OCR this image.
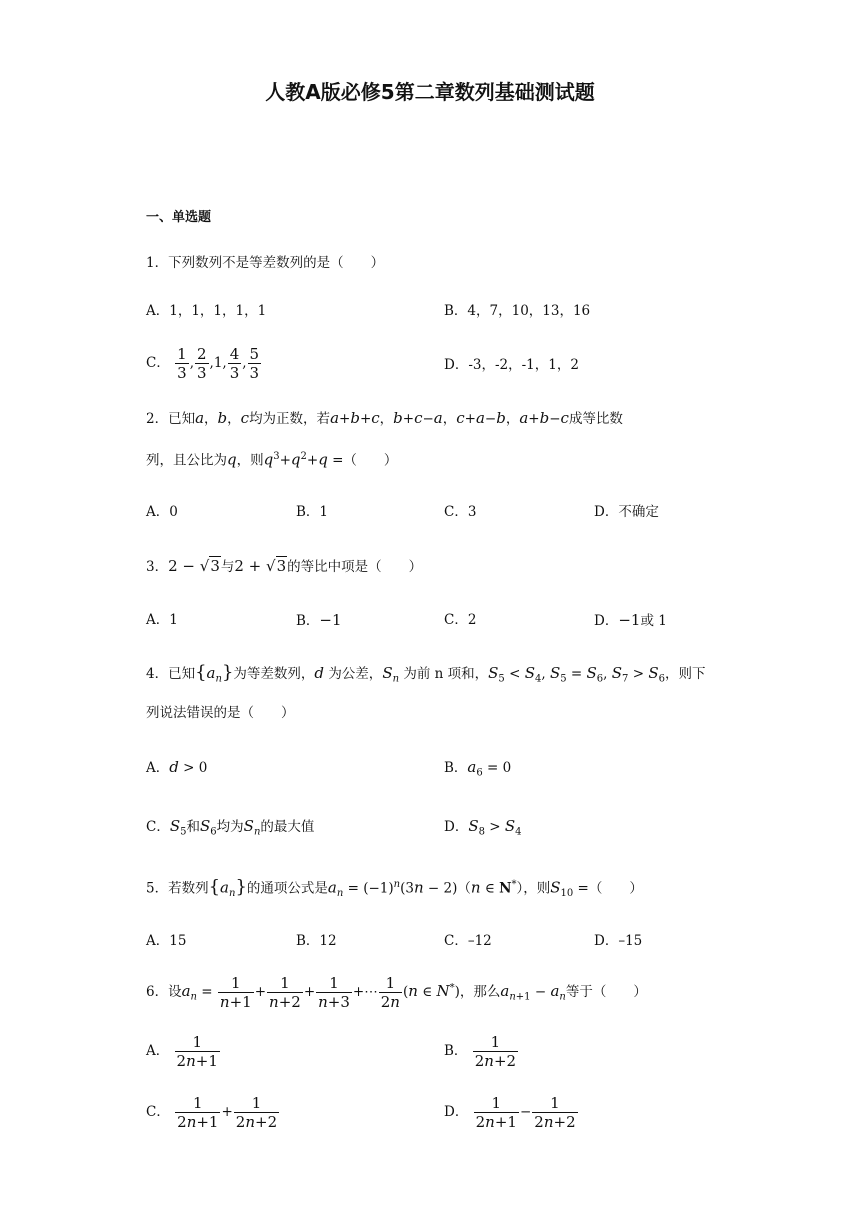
人教A版必修5第二章数列基础测试题
一、单选题
1．下列数列不是等差数列的是（　　）
A．1，1，1，1，1	B．4，7，10，13，16
C． $\frac{1}{3}$ , $\frac{2}{3} ,1$, $\frac{4}{3}$ , $\frac{5}{3}$	D．-3，-2，-1，1，2
2．已知a，b，c均为正数，若a+b+c，b+c−a，c+a−b，a+b−c成等比数
列，且公比为q，则$q^3+q^2+q$ =（　　）
A．0	B．1	C．3	D．不确定
3．2 − √3与2 + √3的等比中项是（　　）
A．1	B．−1	C．2	D．−1或 1
4．已知$\{a_n\}$为等差数列，d 为公差，$S_n$ 为前 n 项和，$S_5 < S_4$, $S_5 = S_6$, $S_7 > S_6$，则下
列说法错误的是（　　）
A．d > 0	B．$a_6 = 0$
C．$S_5$和$S_6$均为$S_n$的最大值	D．$S_8 > S_4$
5．若数列$\{a_n\}$的通项公式是$a_n = (-1)^n(3n - 2)(n$ ∈ N*），则$S_{10}$ =（　　）
A．15	B．12	C．–12	D．–15
6．设$a_n = \frac{1}{n+1} + \frac{1}{n+2} + \frac{1}{n+3}$ +⋯ $\frac{1}{2n} (n$ ∈ N*)，那么$a_{n+1} - a_n$等于（　　）
A． $\frac{1}{2n+1}$	B． $\frac{1}{2n+2}$
C． $\frac{1}{2n+1} + \frac{1}{2n+2}$	D． $\frac{1}{2n+1} - \frac{1}{2n+2}$
